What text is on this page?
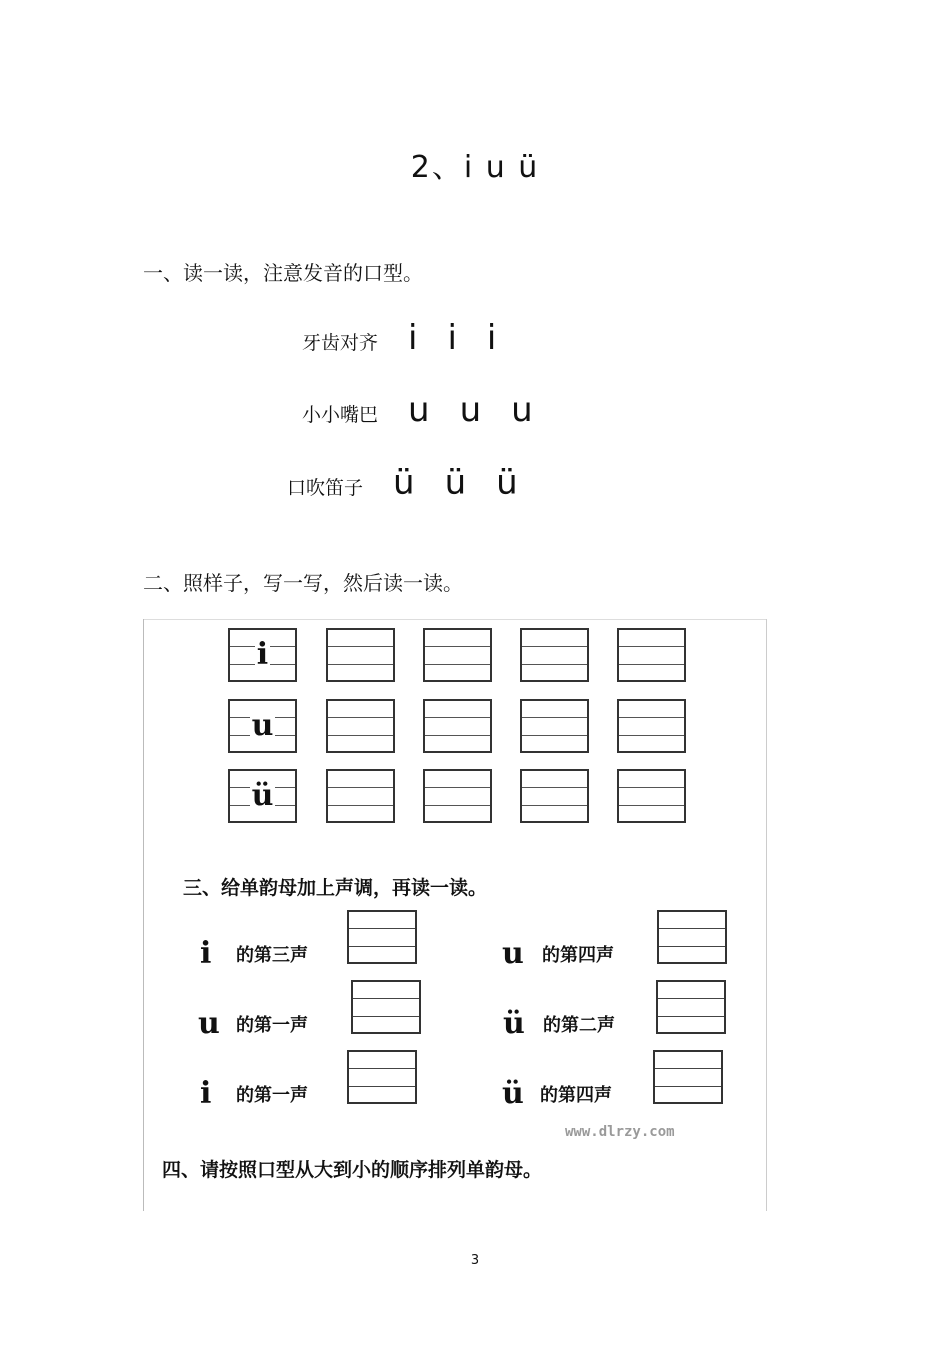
2、i u ü
一、读一读，注意发音的口型。
牙齿对齐 i i i
小小嘴巴 u u u
口吹笛子 ü ü ü
二、照样子，写一写，然后读一读。
i
u
ü
三、给单韵母加上声调，再读一读。
i	的第三声	u	的第四声
u 的第一声	ü	的第二声
i	的第一声	ü 的第四声
www.dlrzy.com
四、请按照口型从大到小的顺序排列单韵母。
3
